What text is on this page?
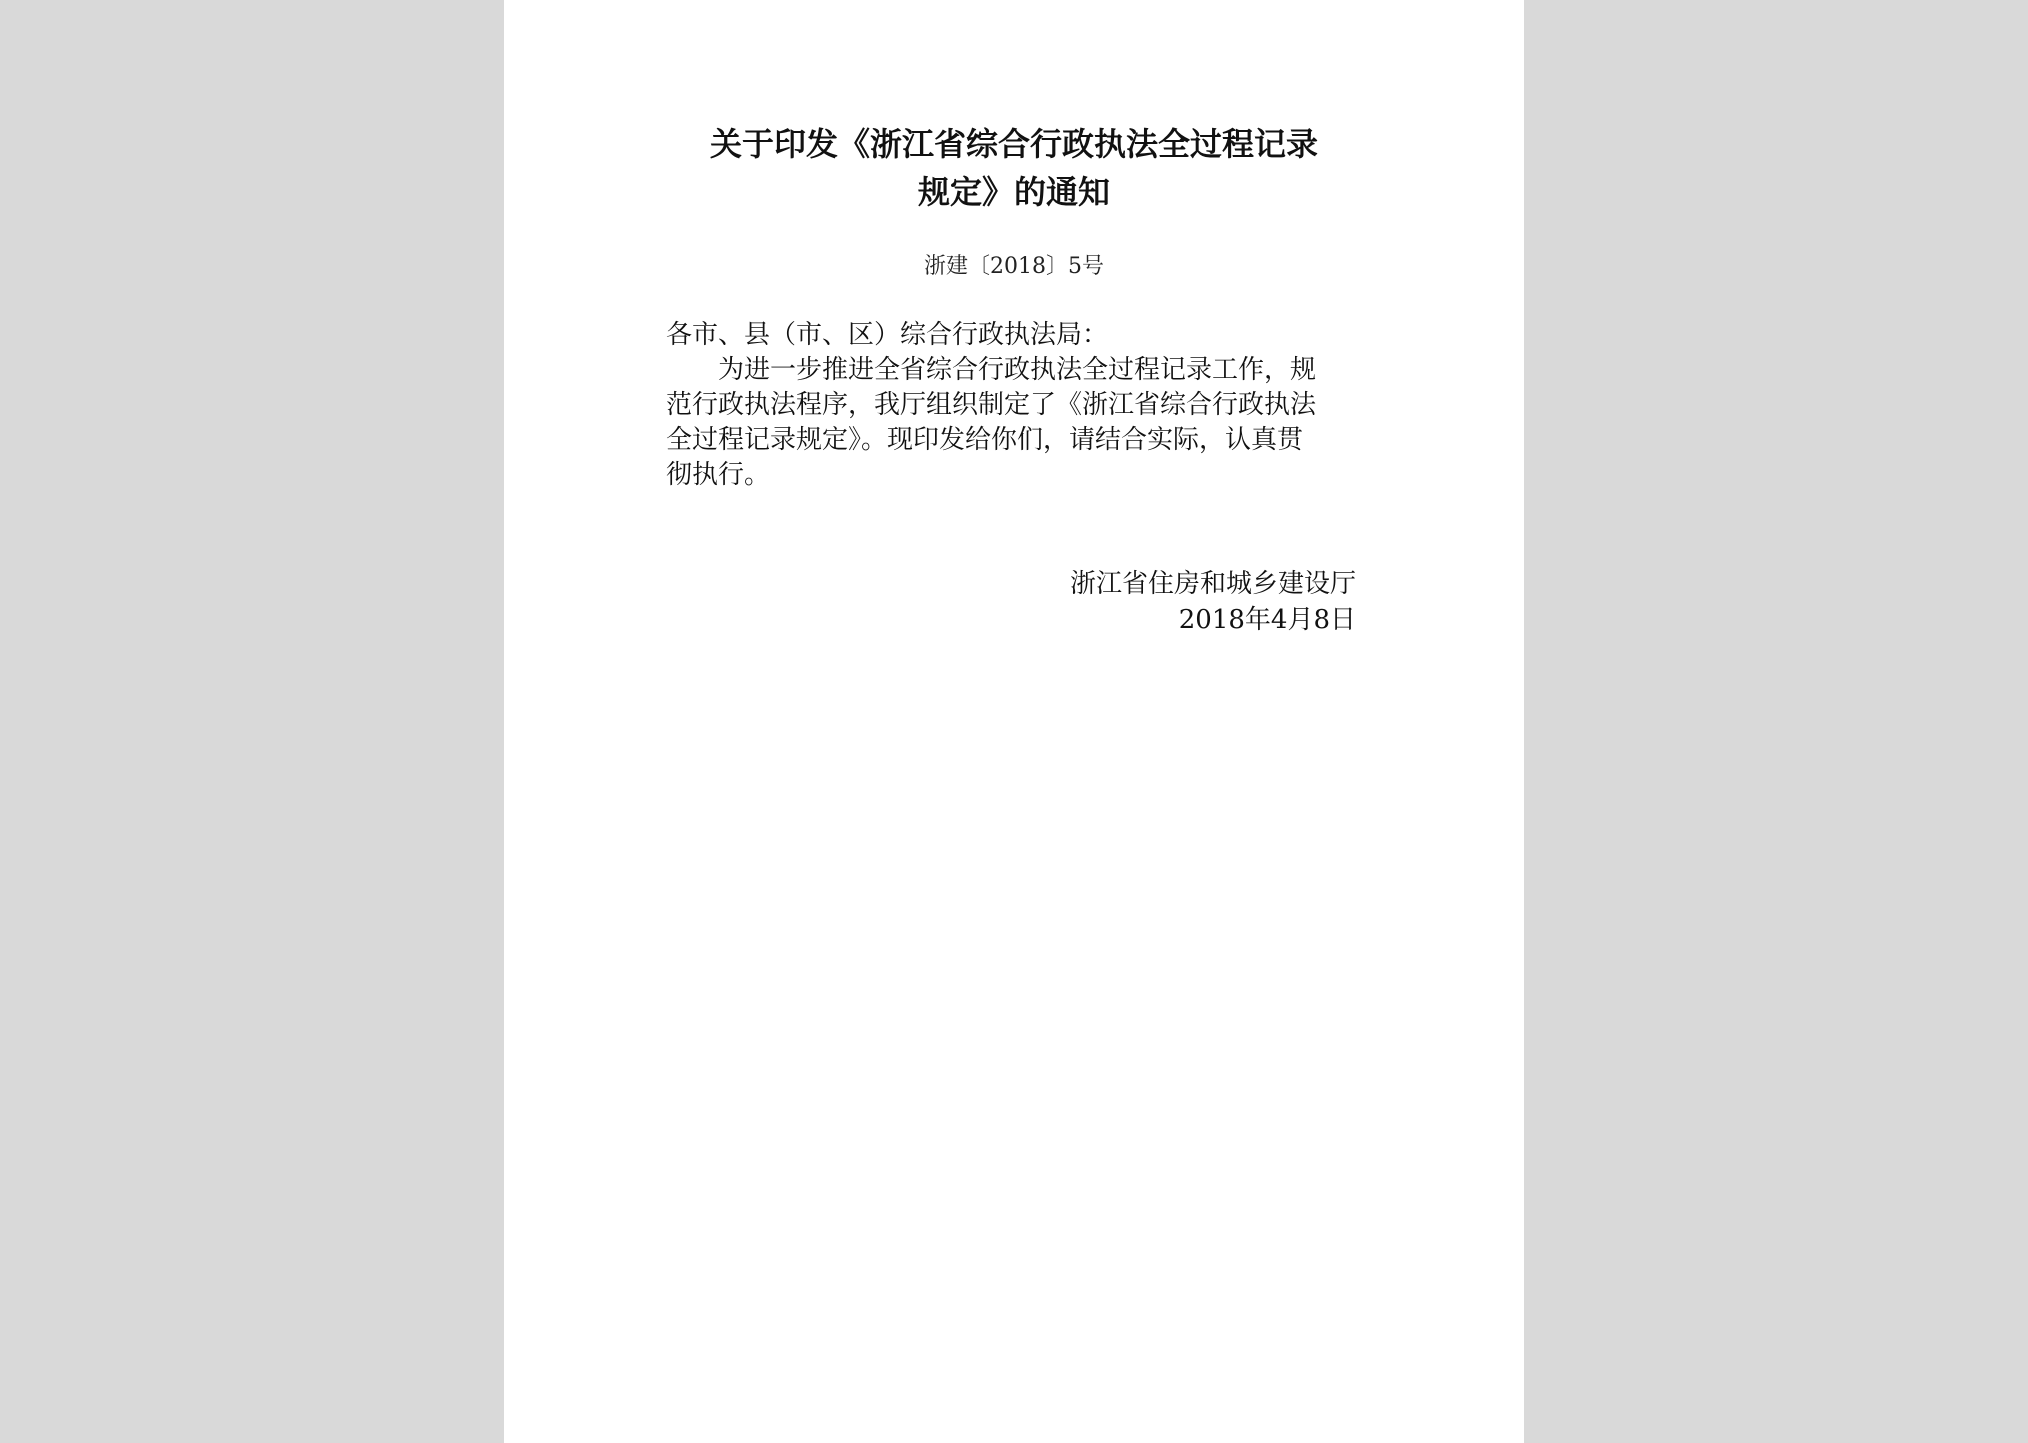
关于印发《浙江省综合行政执法全过程记录
规定》的通知
浙建〔2018〕5号

各市、县（市、区）综合行政执法局：

　　为进一步推进全省综合行政执法全过程记录工作，规

范行政执法程序，我厅组织制定了《浙江省综合行政执法

全过程记录规定》。现印发给你们，请结合实际，认真贯

彻执行。

浙江省住房和城乡建设厅
2018年4月8日
